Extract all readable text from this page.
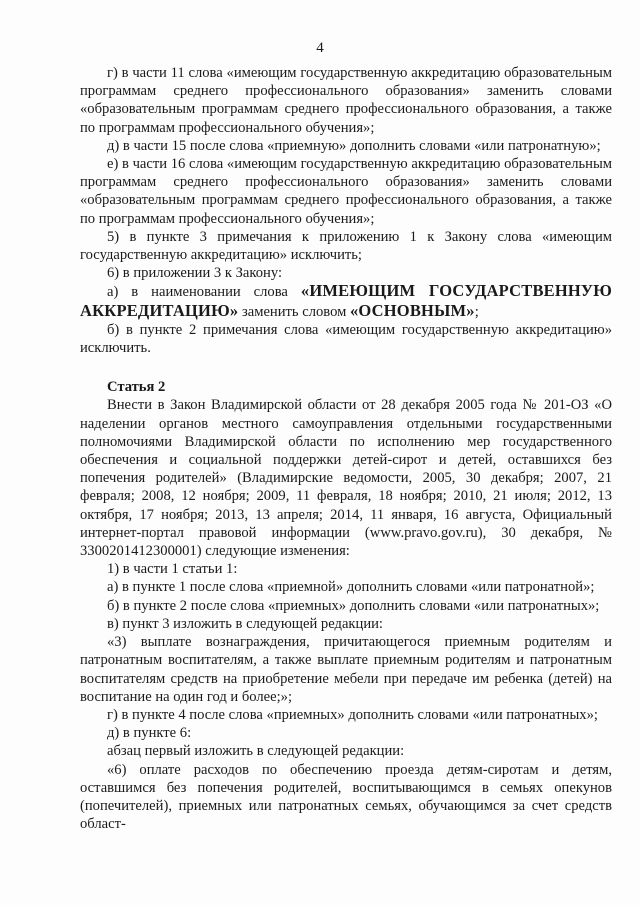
4

г) в части 11 слова «имеющим государственную аккредитацию образовательным программам среднего профессионального образования» заменить словами «образовательным программам среднего профессионального образования, а также по программам профессионального обучения»;

д) в части 15 после слова «приемную» дополнить словами «или патронатную»;

е) в части 16 слова «имеющим государственную аккредитацию образовательным программам среднего профессионального образования» заменить словами «образовательным программам среднего профессионального образования, а также по программам профессионального обучения»;

5) в пункте 3 примечания к приложению 1 к Закону слова «имеющим государственную аккредитацию» исключить;

6) в приложении 3 к Закону:

а) в наименовании слова «ИМЕЮЩИМ ГОСУДАРСТВЕННУЮ АККРЕДИТАЦИЮ» заменить словом «ОСНОВНЫМ»;

б) в пункте 2 примечания слова «имеющим государственную аккредитацию» исключить.

Статья 2

Внести в Закон Владимирской области от 28 декабря 2005 года № 201-ОЗ «О наделении органов местного самоуправления отдельными государственными полномочиями Владимирской области по исполнению мер государственного обеспечения и социальной поддержки детей-сирот и детей, оставшихся без попечения родителей» (Владимирские ведомости, 2005, 30 декабря; 2007, 21 февраля; 2008, 12 ноября; 2009, 11 февраля, 18 ноября; 2010, 21 июля; 2012, 13 октября, 17 ноября; 2013, 13 апреля; 2014, 11 января, 16 августа, Официальный интернет-портал правовой информации (www.pravo.gov.ru), 30 декабря, № 3300201412300001) следующие изменения:

1) в части 1 статьи 1:

а) в пункте 1 после слова «приемной» дополнить словами «или патронатной»;

б) в пункте 2 после слова «приемных» дополнить словами «или патронатных»;

в) пункт 3 изложить в следующей редакции:

«3) выплате вознаграждения, причитающегося приемным родителям и патронатным воспитателям, а также выплате приемным родителям и патронатным воспитателям средств на приобретение мебели при передаче им ребенка (детей) на воспитание на один год и более;»;

г) в пункте 4 после слова «приемных» дополнить словами «или патронатных»;

д) в пункте 6:

абзац первый изложить в следующей редакции:

«6) оплате расходов по обеспечению проезда детям-сиротам и детям, оставшимся без попечения родителей, воспитывающимся в семьях опекунов (попечителей), приемных или патронатных семьях, обучающимся за счет средств област-
